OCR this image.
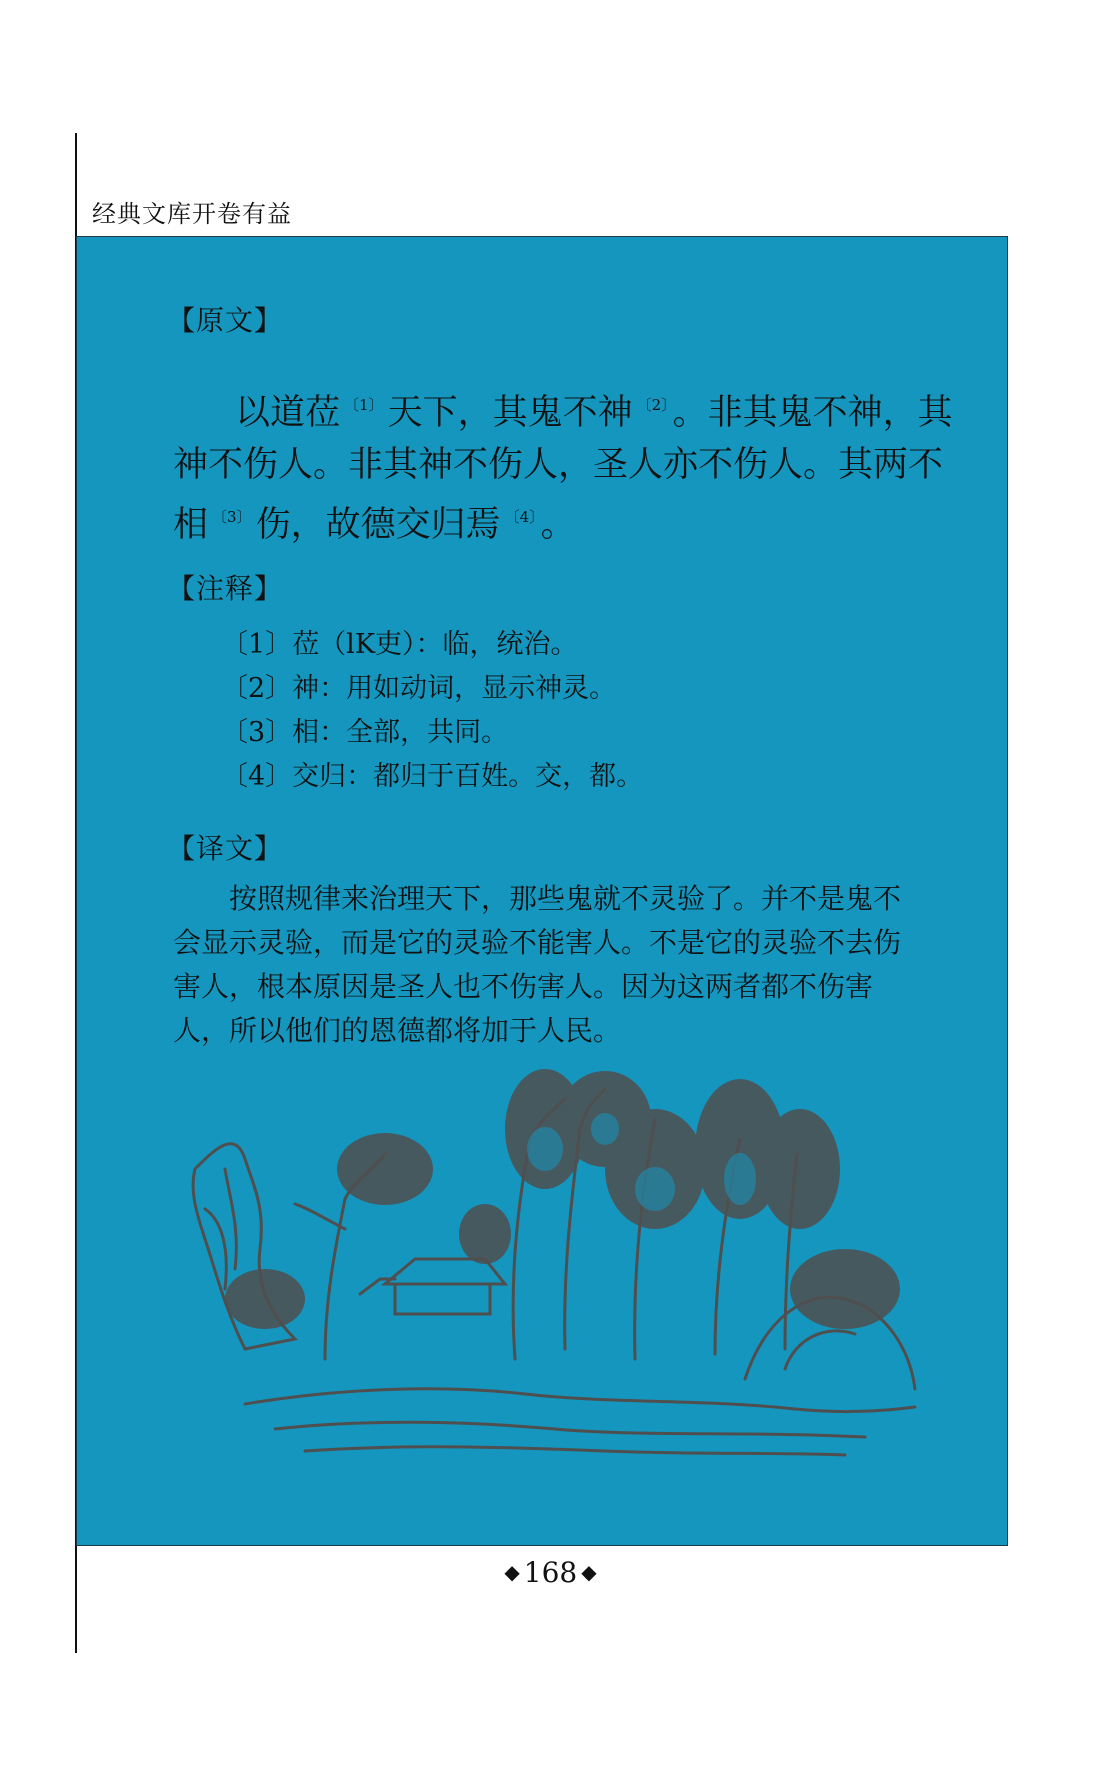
经典文库开卷有益
【原文】
以道莅 $^{〔1〕}$ 天下，其鬼不神 $^{〔2〕}$ 。非其鬼不神，其
神不伤人。非其神不伤人，圣人亦不伤人。其两不
相 $^{〔3〕}$ 伤，故德交归焉 $^{〔4〕}$ 。
【注释】
〔1〕莅（lK吏）：临，统治。
〔2〕神：用如动词，显示神灵。
〔3〕相：全部，共同。
〔4〕交归：都归于百姓。交，都。
【译文】
按照规律来治理天下，那些鬼就不灵验了。并不是鬼不
会显示灵验，而是它的灵验不能害人。不是它的灵验不去伤
害人，根本原因是圣人也不伤害人。因为这两者都不伤害
人，所以他们的恩德都将加于人民。
◆ 168 ◆
